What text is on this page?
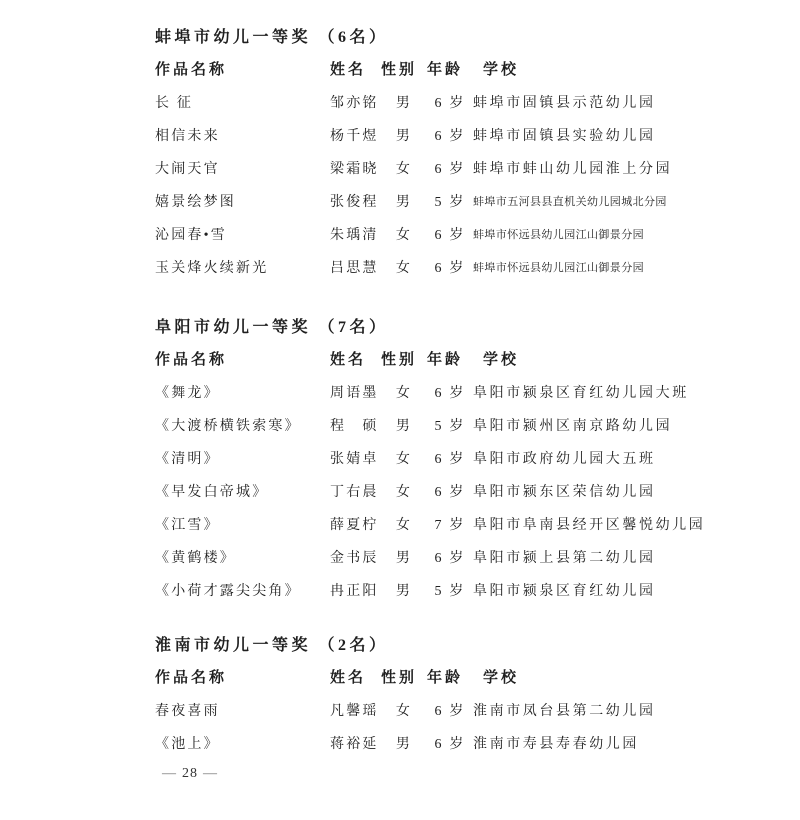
蚌埠市幼儿一等奖 （6名）
作品名称	姓名 性别 年龄	学校
长 征	邹亦铭	男	6 岁 蚌埠市固镇县示范幼儿园
相信未来	杨千煜	男	6 岁 蚌埠市固镇县实验幼儿园
大闹天官	梁霜晓	女	6 岁 蚌埠市蚌山幼儿园淮上分园
嬉景绘梦图	张俊程	男	5 岁 蚌埠市五河县县直机关幼儿园城北分园
沁园春•雪	朱瑀清	女	6 岁 蚌埠市怀远县幼儿园江山御景分园
玉关烽火续新光	吕思慧	女	6 岁 蚌埠市怀远县幼儿园江山御景分园
阜阳市幼儿一等奖 （7名）
作品名称	姓名 性别 年龄	学校
《舞龙》	周语墨	女	6 岁 阜阳市颍泉区育红幼儿园大班
《大渡桥横铁索寒》	程　硕	男	5 岁 阜阳市颍州区南京路幼儿园
《清明》	张婧卓	女	6 岁 阜阳市政府幼儿园大五班
《早发白帝城》	丁右晨	女	6 岁 阜阳市颍东区荣信幼儿园
《江雪》	薛夏柠	女	7 岁 阜阳市阜南县经开区馨悦幼儿园
《黄鹤楼》	金书辰	男	6 岁 阜阳市颍上县第二幼儿园
《小荷才露尖尖角》	冉正阳	男	5 岁 阜阳市颍泉区育红幼儿园
淮南市幼儿一等奖 （2名）
作品名称	姓名 性别 年龄	学校
春夜喜雨	凡馨瑶	女	6 岁 淮南市凤台县第二幼儿园
《池上》	蒋裕延	男	6 岁 淮南市寿县寿春幼儿园
— 28 —
